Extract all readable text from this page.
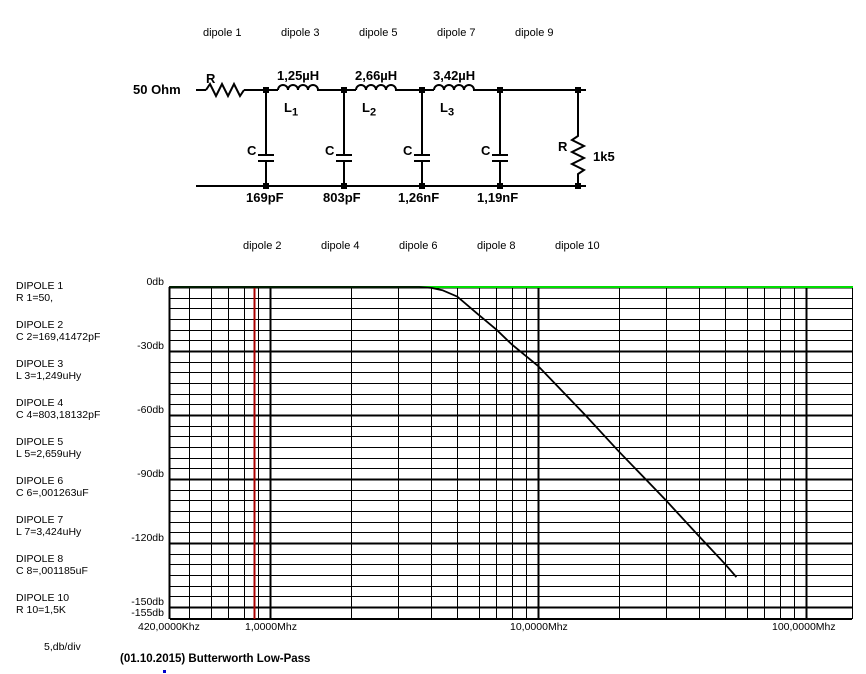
dipole 1	dipole 3	dipole 5	dipole 7	dipole 9
dipole 2	dipole 4	dipole 6	dipole 8	dipole 10
50 Ohm
R	1,25µH	2,66µH	3,42µH
$L_1$	$L_2$	$L_3$
C	C	C	C
169pF	803pF	1,26nF	1,19nF
R
1k5
DIPOLE 1
R 1=50,
DIPOLE 2
C 2=169,41472pF
DIPOLE 3
L 3=1,249uHy
DIPOLE 4
C 4=803,18132pF
DIPOLE 5
L 5=2,659uHy
DIPOLE 6
C 6=,001263uF
DIPOLE 7
L 7=3,424uHy
DIPOLE 8
C 8=,001185uF
DIPOLE 10
R 10=1,5K
0db
-30db
-60db
-90db
-120db
-150db
-155db
420,0000Khz	1,0000Mhz	10,0000Mhz	100,0000Mhz
5,db/div
(01.10.2015) Butterworth Low-Pass
